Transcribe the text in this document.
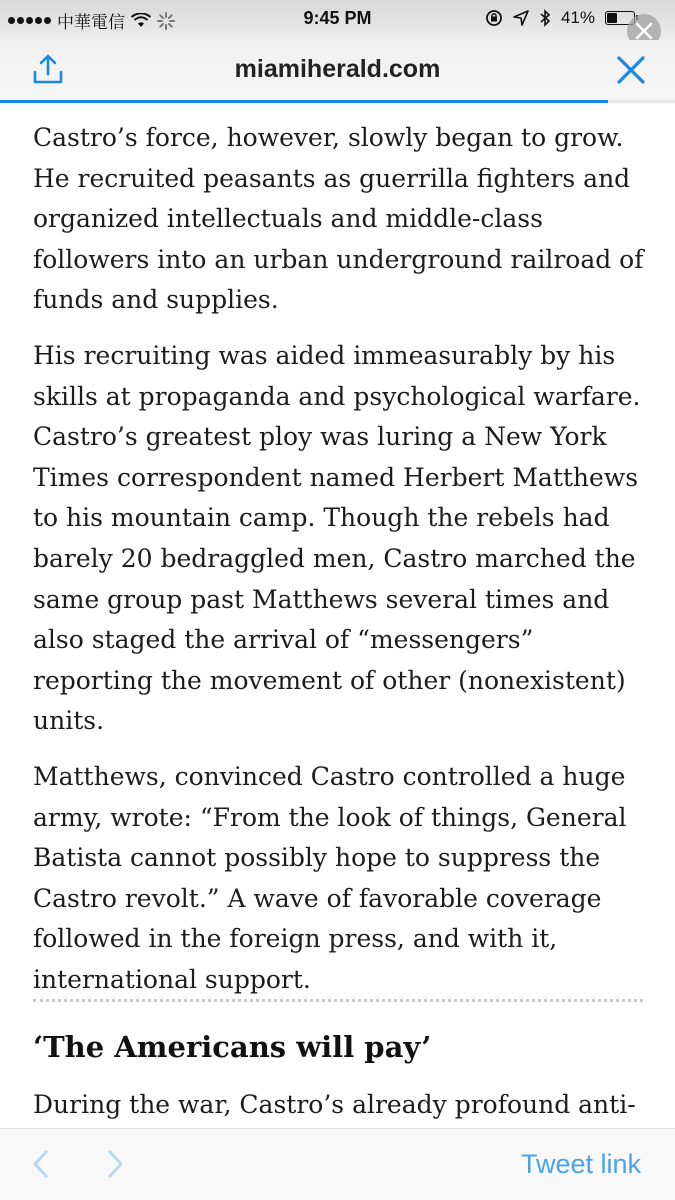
中華電信	9:45 PM	41%
miamiherald.com

Castro’s force, however, slowly began to grow. He recruited peasants as guerrilla fighters and organized intellectuals and middle-class followers into an urban underground railroad of funds and supplies.

His recruiting was aided immeasurably by his skills at propaganda and psychological warfare. Castro’s greatest ploy was luring a New York Times correspondent named Herbert Matthews to his mountain camp. Though the rebels had barely 20 bedraggled men, Castro marched the same group past Matthews several times and also staged the arrival of “messengers” reporting the movement of other (nonexistent) units.

Matthews, convinced Castro controlled a huge army, wrote: “From the look of things, General Batista cannot possibly hope to suppress the Castro revolt.” A wave of favorable coverage followed in the foreign press, and with it, international support.

‘The Americans will pay’
During the war, Castro’s already profound anti-
Tweet link
